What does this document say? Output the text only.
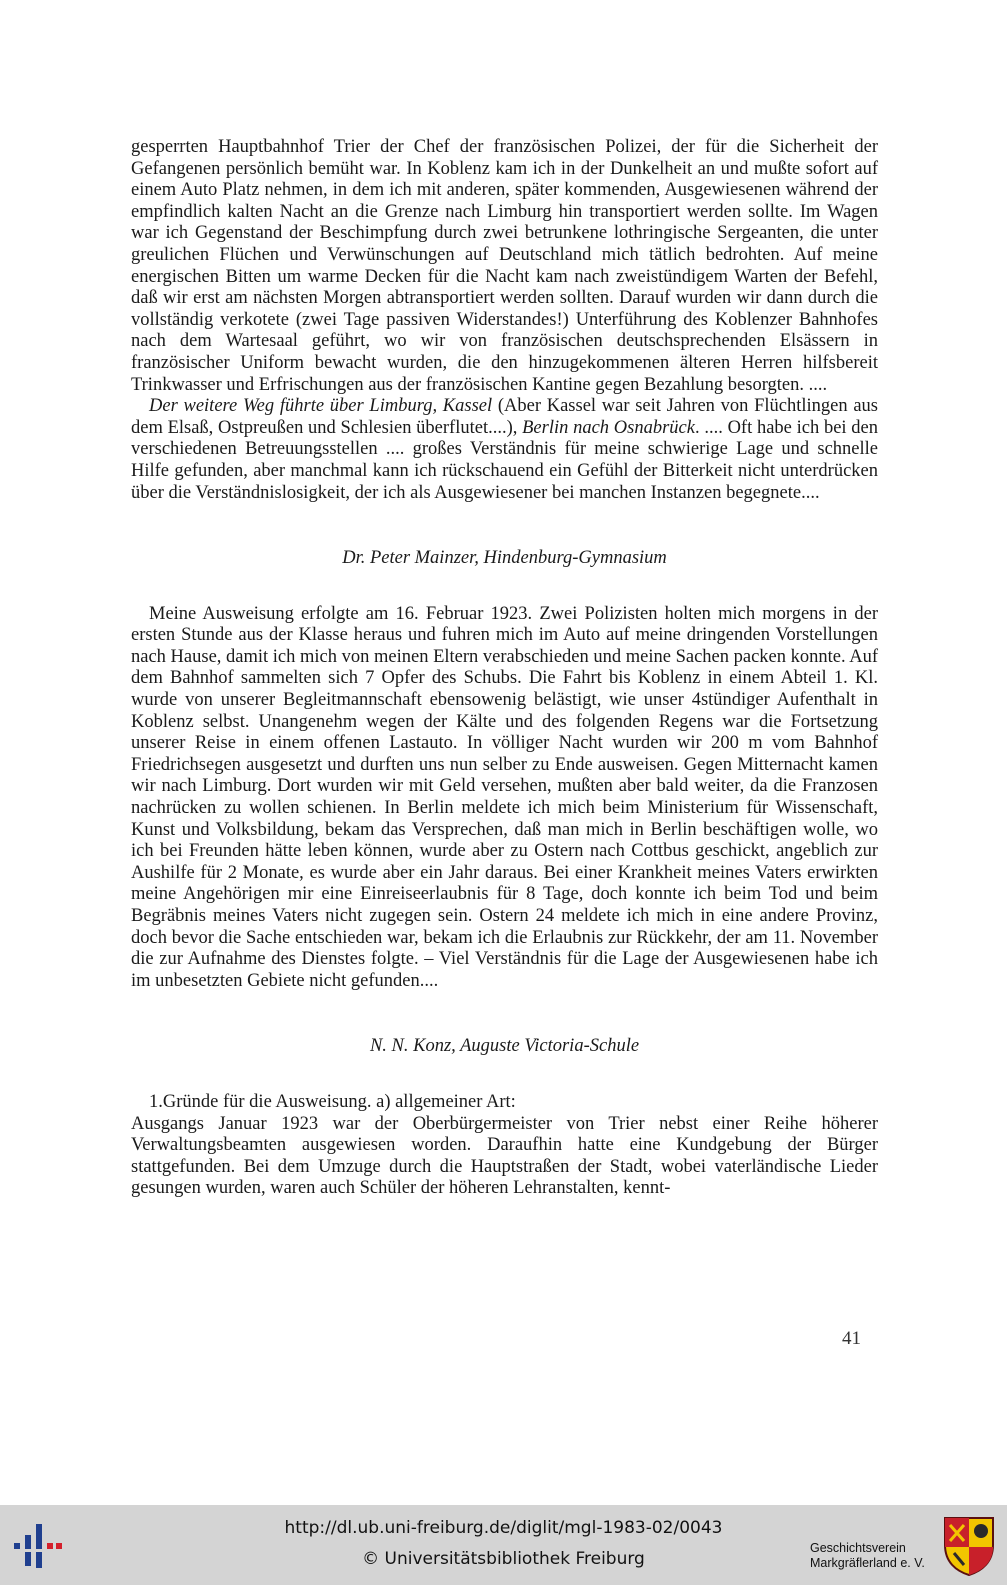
gesperrten Hauptbahnhof Trier der Chef der französischen Polizei, der für die Sicherheit der Gefangenen persönlich bemüht war. In Koblenz kam ich in der Dunkelheit an und mußte sofort auf einem Auto Platz nehmen, in dem ich mit anderen, später kommenden, Ausgewiesenen während der empfindlich kalten Nacht an die Grenze nach Limburg hin transportiert werden sollte. Im Wagen war ich Gegenstand der Beschimpfung durch zwei betrunkene lothringische Sergeanten, die unter greulichen Flüchen und Verwünschungen auf Deutschland mich tätlich bedrohten. Auf meine energischen Bitten um warme Decken für die Nacht kam nach zweistündigem Warten der Befehl, daß wir erst am nächsten Morgen abtransportiert werden sollten. Darauf wurden wir dann durch die vollständig verkotete (zwei Tage passiven Widerstandes!) Unterführung des Koblenzer Bahnhofes nach dem Wartesaal geführt, wo wir von französischen deutschsprechenden Elsässern in französischer Uniform bewacht wurden, die den hinzugekommenen älteren Herren hilfsbereit Trinkwasser und Erfrischungen aus der französischen Kantine gegen Bezahlung besorgten. ....

Der weitere Weg führte über Limburg, Kassel (Aber Kassel war seit Jahren von Flüchtlingen aus dem Elsaß, Ostpreußen und Schlesien überflutet....), Berlin nach Osnabrück. .... Oft habe ich bei den verschiedenen Betreuungsstellen .... großes Verständnis für meine schwierige Lage und schnelle Hilfe gefunden, aber manchmal kann ich rückschauend ein Gefühl der Bitterkeit nicht unterdrücken über die Verständnislosigkeit, der ich als Ausgewiesener bei manchen Instanzen begegnete....

Dr. Peter Mainzer, Hindenburg-Gymnasium

Meine Ausweisung erfolgte am 16. Februar 1923. Zwei Polizisten holten mich morgens in der ersten Stunde aus der Klasse heraus und fuhren mich im Auto auf meine dringenden Vorstellungen nach Hause, damit ich mich von meinen Eltern verabschieden und meine Sachen packen konnte. Auf dem Bahnhof sammelten sich 7 Opfer des Schubs. Die Fahrt bis Koblenz in einem Abteil 1. Kl. wurde von unserer Begleitmannschaft ebensowenig belästigt, wie unser 4stündiger Aufenthalt in Koblenz selbst. Unangenehm wegen der Kälte und des folgenden Regens war die Fortsetzung unserer Reise in einem offenen Lastauto. In völliger Nacht wurden wir 200 m vom Bahnhof Friedrichsegen ausgesetzt und durften uns nun selber zu Ende ausweisen. Gegen Mitternacht kamen wir nach Limburg. Dort wurden wir mit Geld versehen, mußten aber bald weiter, da die Franzosen nachrücken zu wollen schienen. In Berlin meldete ich mich beim Ministerium für Wissenschaft, Kunst und Volksbildung, bekam das Versprechen, daß man mich in Berlin beschäftigen wolle, wo ich bei Freunden hätte leben können, wurde aber zu Ostern nach Cottbus geschickt, angeblich zur Aushilfe für 2 Monate, es wurde aber ein Jahr daraus. Bei einer Krankheit meines Vaters erwirkten meine Angehörigen mir eine Einreiseerlaubnis für 8 Tage, doch konnte ich beim Tod und beim Begräbnis meines Vaters nicht zugegen sein. Ostern 24 meldete ich mich in eine andere Provinz, doch bevor die Sache entschieden war, bekam ich die Erlaubnis zur Rückkehr, der am 11. November die zur Aufnahme des Dienstes folgte. – Viel Verständnis für die Lage der Ausgewiesenen habe ich im unbesetzten Gebiete nicht gefunden....

N. N. Konz, Auguste Victoria-Schule

1.Gründe für die Ausweisung. a) allgemeiner Art:

Ausgangs Januar 1923 war der Oberbürgermeister von Trier nebst einer Reihe höherer Verwaltungsbeamten ausgewiesen worden. Daraufhin hatte eine Kundgebung der Bürger stattgefunden. Bei dem Umzuge durch die Hauptstraßen der Stadt, wobei vaterländische Lieder gesungen wurden, waren auch Schüler der höheren Lehranstalten, kennt-

41
http://dl.ub.uni-freiburg.de/diglit/mgl-1983-02/0043
© Universitätsbibliothek Freiburg
Geschichtsverein
Markgräflerland e. V.
